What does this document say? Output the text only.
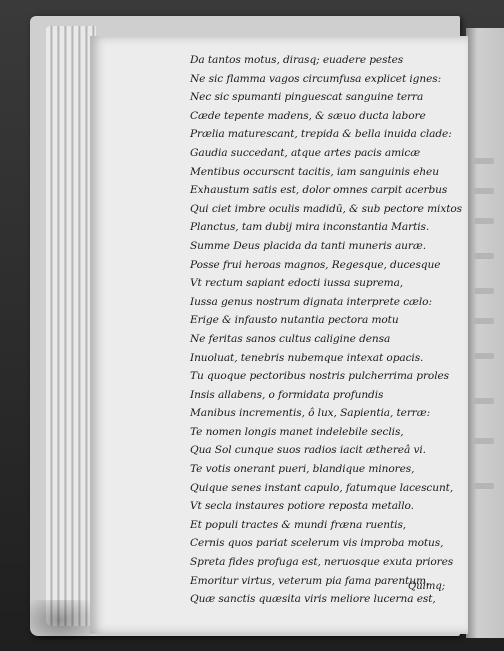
Da tantos motus, dirasq; euadere pestes
Ne sic flamma vagos circumfusa explicet ignes:
Nec sic spumanti pinguescat sanguine terra
Cæde tepente madens, & sæuo ducta labore
Prælia maturescant, trepida & bella inuida clade:
Gaudia succedant, atque artes pacis amicæ
Mentibus occurscnt tacitis, iam sanguinis eheu
Exhaustum satis est, dolor omnes carpit acerbus
Qui ciet imbre oculis madidū, & sub pectore mixtos
Planctus, tam dubij mira inconstantia Martis.
Summe Deus placida da tanti muneris auræ.
Posse frui heroas magnos, Regesque, ducesque
Vt rectum sapiant edocti iussa suprema,
Iussa genus nostrum dignata interprete cælo:
Erige & infausto nutantia pectora motu
Ne feritas sanos cultus caligine densa
Inuoluat, tenebris nubemque intexat opacis.
Tu quoque pectoribus nostris pulcherrima proles
Insis allabens, o formidata profundis
Manibus incrementis, ô lux, Sapientia, terræ:
Te nomen longis manet indelebile seclis,
Qua Sol cunque suos radios iacit æthereâ vi.
Te votis onerant pueri, blandique minores,
Quique senes instant capulo, fatumque lacescunt,
Vt secla instaures potiore reposta metallo.
Et populi tractes & mundi fræna ruentis,
Cernis quos pariat scelerum vis improba motus,
Spreta fides profuga est, neruosque exuta priores
Emoritur virtus, veterum pia fama parentum,
Quæ sanctis quæsita viris meliore lucerna est,
Quimq;
